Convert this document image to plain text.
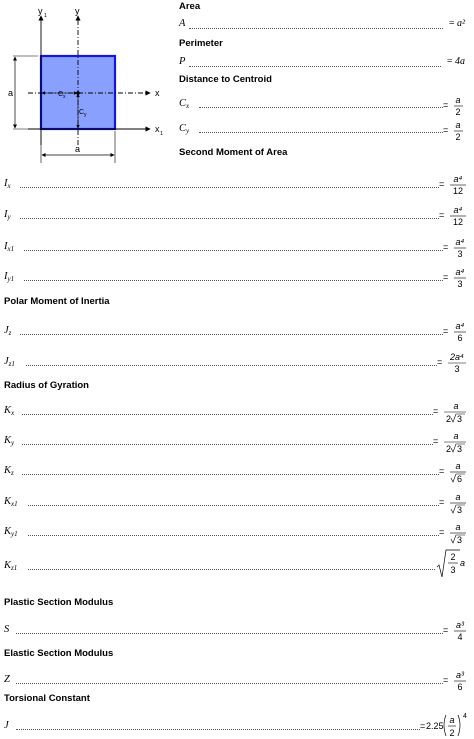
y 1	y
x
x 1
C x
C y
a
a
Area
A	= a²
Perimeter
P	= 4a
Distance to Centroid
$C_x$	= a
2
$C_y$	= a
2
Second Moment of Area
$I_x$	= a⁴
12
$I_y$	= a⁴
12
$I_{x1}$	= a⁴
3
$I_{y1}$	= a⁴
3
Polar Moment of Inertia
$J_z$	= a⁴
6
$J_{z1}$	= 2a⁴
3
Radius of Gyration
$K_x$	= a
2 3
$K_y$	= a
2 3
$K_z$	= a
6
$K_{x1}$	= a
3
$K_{y1}$	= a
3
$K_{z1}$
2
3
a
Plastic Section Modulus
S	= a³
4
Elastic Section Modulus
Z	= a³
6
Torsional Constant
J	= 2.25
a
2
4
